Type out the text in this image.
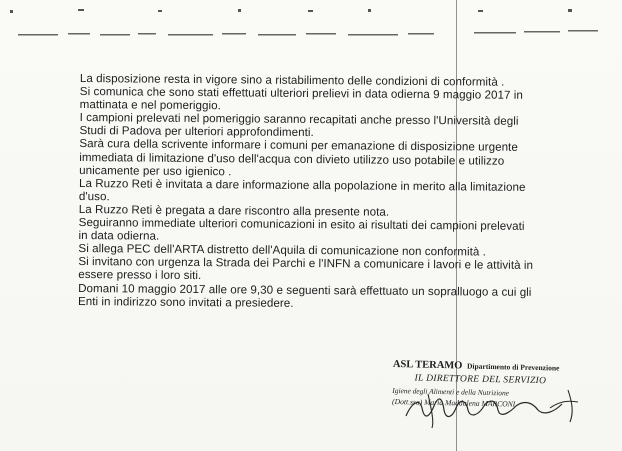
La disposizione resta in vigore sino a ristabilimento delle condizioni di conformità .
Si comunica che sono stati effettuati ulteriori prelievi in data odierna 9 maggio 2017 in
mattinata e nel pomeriggio.
I campioni prelevati nel pomeriggio saranno recapitati anche presso l'Università degli
Studi di Padova per ulteriori approfondimenti.
Sarà cura della scrivente informare i comuni per emanazione di disposizione urgente
immediata di limitazione d'uso dell'acqua con divieto utilizzo uso potabile e utilizzo
unicamente per uso igienico .
La Ruzzo Reti è invitata a dare informazione alla popolazione in merito alla limitazione
d'uso.
La Ruzzo Reti è pregata a dare riscontro alla presente nota.
Seguiranno immediate ulteriori comunicazioni in esito ai risultati dei campioni prelevati
in data odierna.
Si allega PEC dell'ARTA distretto dell'Aquila di comunicazione non conformità .
Si invitano con urgenza la Strada dei Parchi e l'INFN a comunicare i lavori e le attività in
essere presso i loro siti.
Domani 10 maggio 2017 alle ore 9,30 e seguenti sarà effettuato un sopralluogo a cui gli
Enti in indirizzo sono invitati a presiedere.
ASL TERAMO Dipartimento di Prevenzione
IL DIRETTORE DEL SERVIZIO
Igiene degli Alimenti e della Nutrizione
(Dott.ssa) Maria Maddalena MARCONI
